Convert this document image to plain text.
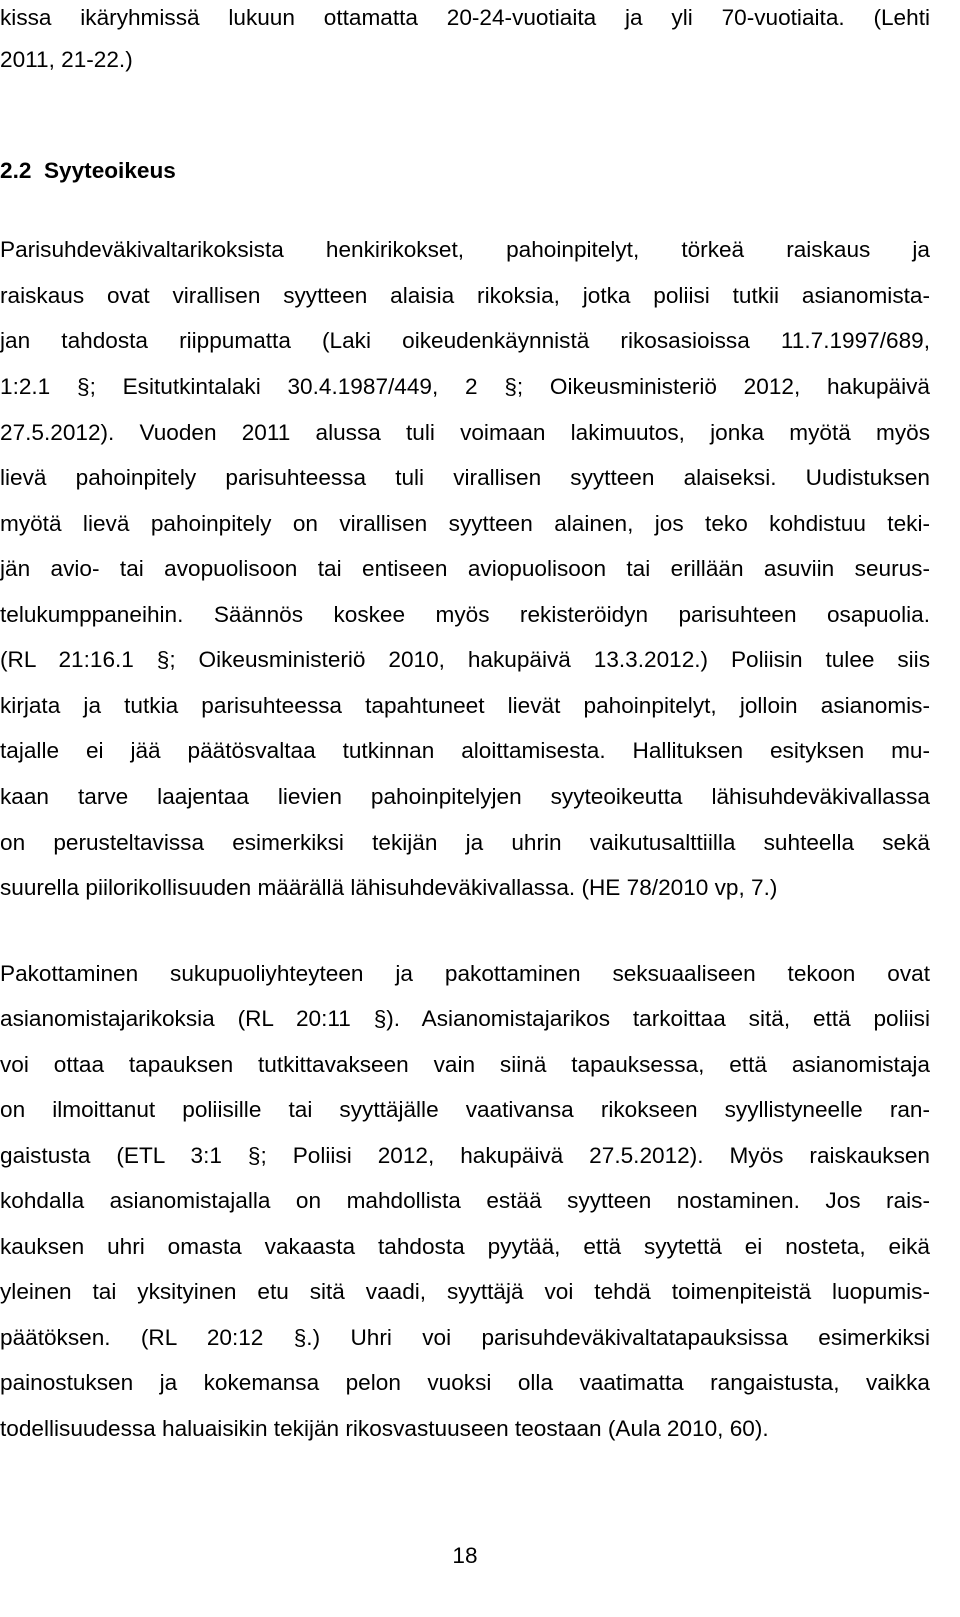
kissa ikäryhmissä lukuun ottamatta 20-24-vuotiaita ja yli 70-vuotiaita. (Lehti
2011, 21-22.)
2.2  Syyteoikeus
Parisuhdeväkivaltarikoksista henkirikokset, pahoinpitelyt, törkeä raiskaus ja
raiskaus ovat virallisen syytteen alaisia rikoksia, jotka poliisi tutkii asianomista-
jan tahdosta riippumatta (Laki oikeudenkäynnistä rikosasioissa 11.7.1997/689,
1:2.1 §; Esitutkintalaki 30.4.1987/449, 2 §; Oikeusministeriö 2012, hakupäivä
27.5.2012). Vuoden 2011 alussa tuli voimaan lakimuutos, jonka myötä myös
lievä pahoinpitely parisuhteessa tuli virallisen syytteen alaiseksi. Uudistuksen
myötä lievä pahoinpitely on virallisen syytteen alainen, jos teko kohdistuu teki-
jän avio- tai avopuolisoon tai entiseen aviopuolisoon tai erillään asuviin seurus-
telukumppaneihin. Säännös koskee myös rekisteröidyn parisuhteen osapuolia.
(RL 21:16.1 §; Oikeusministeriö 2010, hakupäivä 13.3.2012.) Poliisin tulee siis
kirjata ja tutkia parisuhteessa tapahtuneet lievät pahoinpitelyt, jolloin asianomis-
tajalle ei jää päätösvaltaa tutkinnan aloittamisesta. Hallituksen esityksen mu-
kaan tarve laajentaa lievien pahoinpitelyjen syyteoikeutta lähisuhdeväkivallassa
on perusteltavissa esimerkiksi tekijän ja uhrin vaikutusalttiilla suhteella sekä
suurella piilorikollisuuden määrällä lähisuhdeväkivallassa. (HE 78/2010 vp, 7.)
Pakottaminen sukupuoliyhteyteen ja pakottaminen seksuaaliseen tekoon ovat
asianomistajarikoksia (RL 20:11 §). Asianomistajarikos tarkoittaa sitä, että poliisi
voi ottaa tapauksen tutkittavakseen vain siinä tapauksessa, että asianomistaja
on ilmoittanut poliisille tai syyttäjälle vaativansa rikokseen syyllistyneelle ran-
gaistusta (ETL 3:1 §; Poliisi 2012, hakupäivä 27.5.2012). Myös raiskauksen
kohdalla asianomistajalla on mahdollista estää syytteen nostaminen. Jos rais-
kauksen uhri omasta vakaasta tahdosta pyytää, että syytettä ei nosteta, eikä
yleinen tai yksityinen etu sitä vaadi, syyttäjä voi tehdä toimenpiteistä luopumis-
päätöksen. (RL 20:12 §.) Uhri voi parisuhdeväkivaltatapauksissa esimerkiksi
painostuksen ja kokemansa pelon vuoksi olla vaatimatta rangaistusta, vaikka
todellisuudessa haluaisikin tekijän rikosvastuuseen teostaan (Aula 2010, 60).
18
